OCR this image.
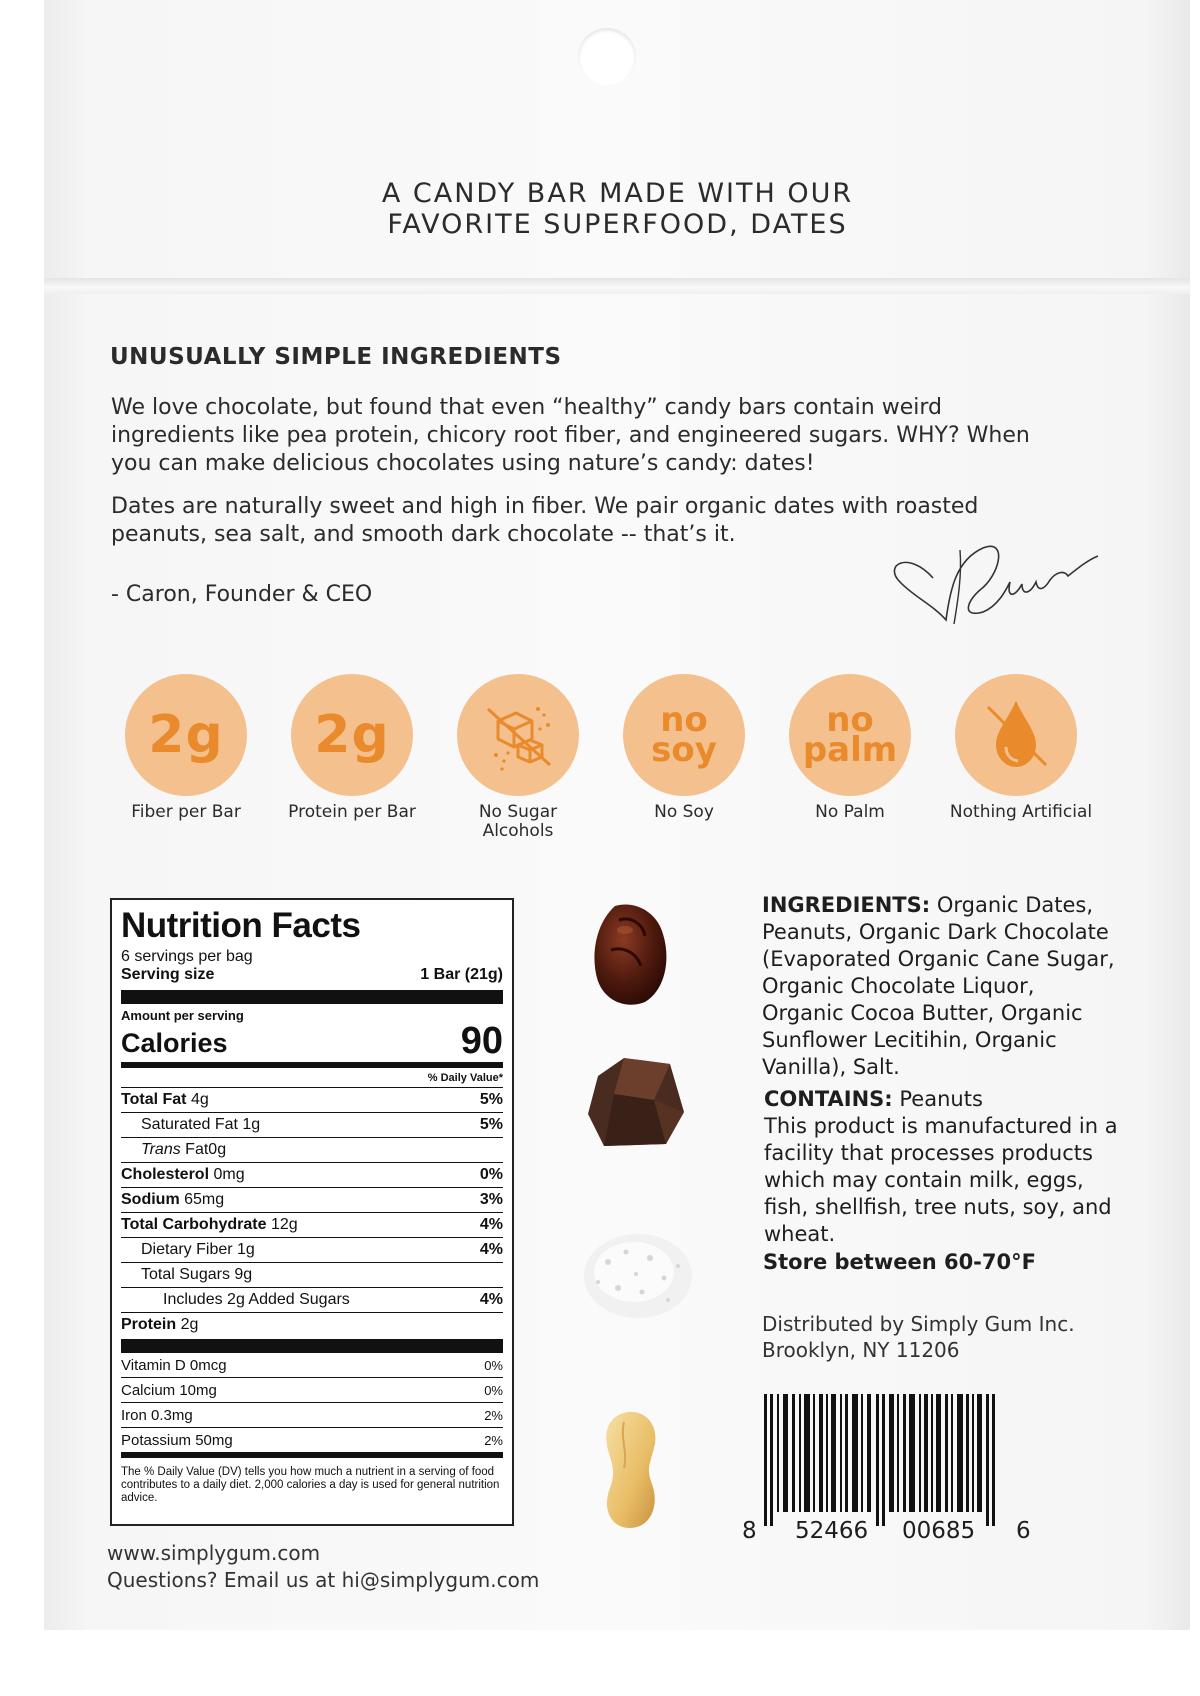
A CANDY BAR MADE WITH OUR
FAVORITE SUPERFOOD, DATES
UNUSUALLY SIMPLE INGREDIENTS

We love chocolate, but found that even “healthy” candy bars contain weird ingredients like pea protein, chicory root fiber, and engineered sugars. WHY? When you can make delicious chocolates using nature’s candy: dates!

Dates are naturally sweet and high in fiber. We pair organic dates with roasted peanuts, sea salt, and smooth dark chocolate -- that’s it.

- Caron, Founder & CEO
2g 2g	no soy
no palm
Fiber per Bar	Protein per Bar	No Sugar Alcohols
No Soy	No Palm	Nothing Artificial
Nutrition Facts
6 servings per bag
Serving size	1 Bar (21g)
Amount per serving
Calories	90
% Daily Value*
Total Fat 4g	5%
Saturated Fat 1g	5%
Trans Fat0g
Cholesterol 0mg	0%
Sodium 65mg	3%
Total Carbohydrate 12g	4%
Dietary Fiber 1g	4%
Total Sugars 9g
Includes 2g Added Sugars	4%
Protein 2g
Vitamin D 0mcg	0%
Calcium 10mg	0%
Iron 0.3mg	2%
Potassium 50mg	2%
The % Daily Value (DV) tells you how much a nutrient in a serving of food contributes to a daily diet. 2,000 calories a day is used for general nutrition advice.
INGREDIENTS: Organic Dates, Peanuts, Organic Dark Chocolate (Evaporated Organic Cane Sugar, Organic Chocolate Liquor, Organic Cocoa Butter, Organic Sunflower Lecitihin, Organic Vanilla), Salt.
CONTAINS: Peanuts
This product is manufactured in a facility that processes products which may contain milk, eggs, fish, shellfish, tree nuts, soy, and wheat.
Store between 60-70°F
Distributed by Simply Gum Inc.
Brooklyn, NY 11206
8 52466 00685 6
www.simplygum.com
Questions? Email us at hi@simplygum.com
